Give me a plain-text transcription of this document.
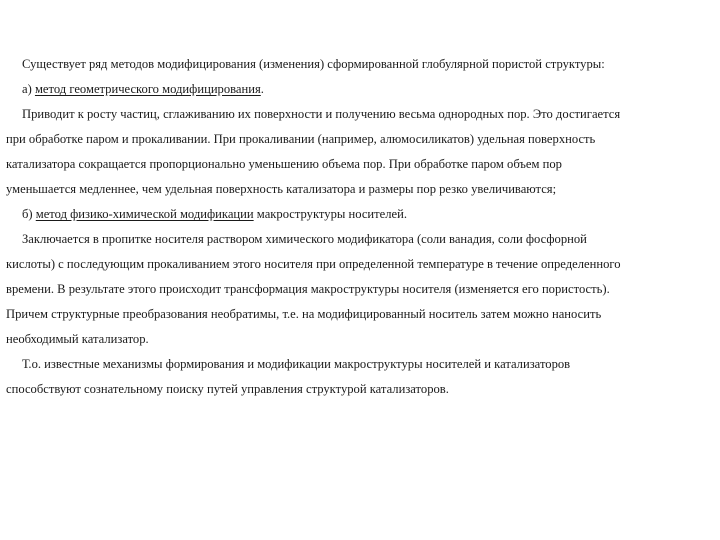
Существует ряд методов модифицирования (изменения) сформированной глобулярной пористой структуры:
а) метод геометрического модифицирования.
Приводит к росту частиц, сглаживанию их поверхности и получению весьма однородных пор. Это достигается
при обработке паром и прокаливании. При прокаливании (например, алюмосиликатов) удельная поверхность
катализатора сокращается пропорционально уменьшению объема пор. При обработке паром объем пор
уменьшается медленнее, чем удельная поверхность катализатора и размеры пор резко увеличиваются;
б) метод физико-химической модификации макроструктуры носителей.
Заключается в пропитке носителя раствором химического модификатора (соли ванадия, соли фосфорной
кислоты) с последующим прокаливанием этого носителя при определенной температуре в течение определенного
времени. В результате этого происходит трансформация макроструктуры носителя (изменяется его пористость).
Причем структурные преобразования необратимы, т.е. на модифицированный носитель затем можно наносить
необходимый катализатор.
Т.о. известные механизмы формирования и модификации макроструктуры носителей и катализаторов
способствуют сознательному поиску путей управления структурой катализаторов.
